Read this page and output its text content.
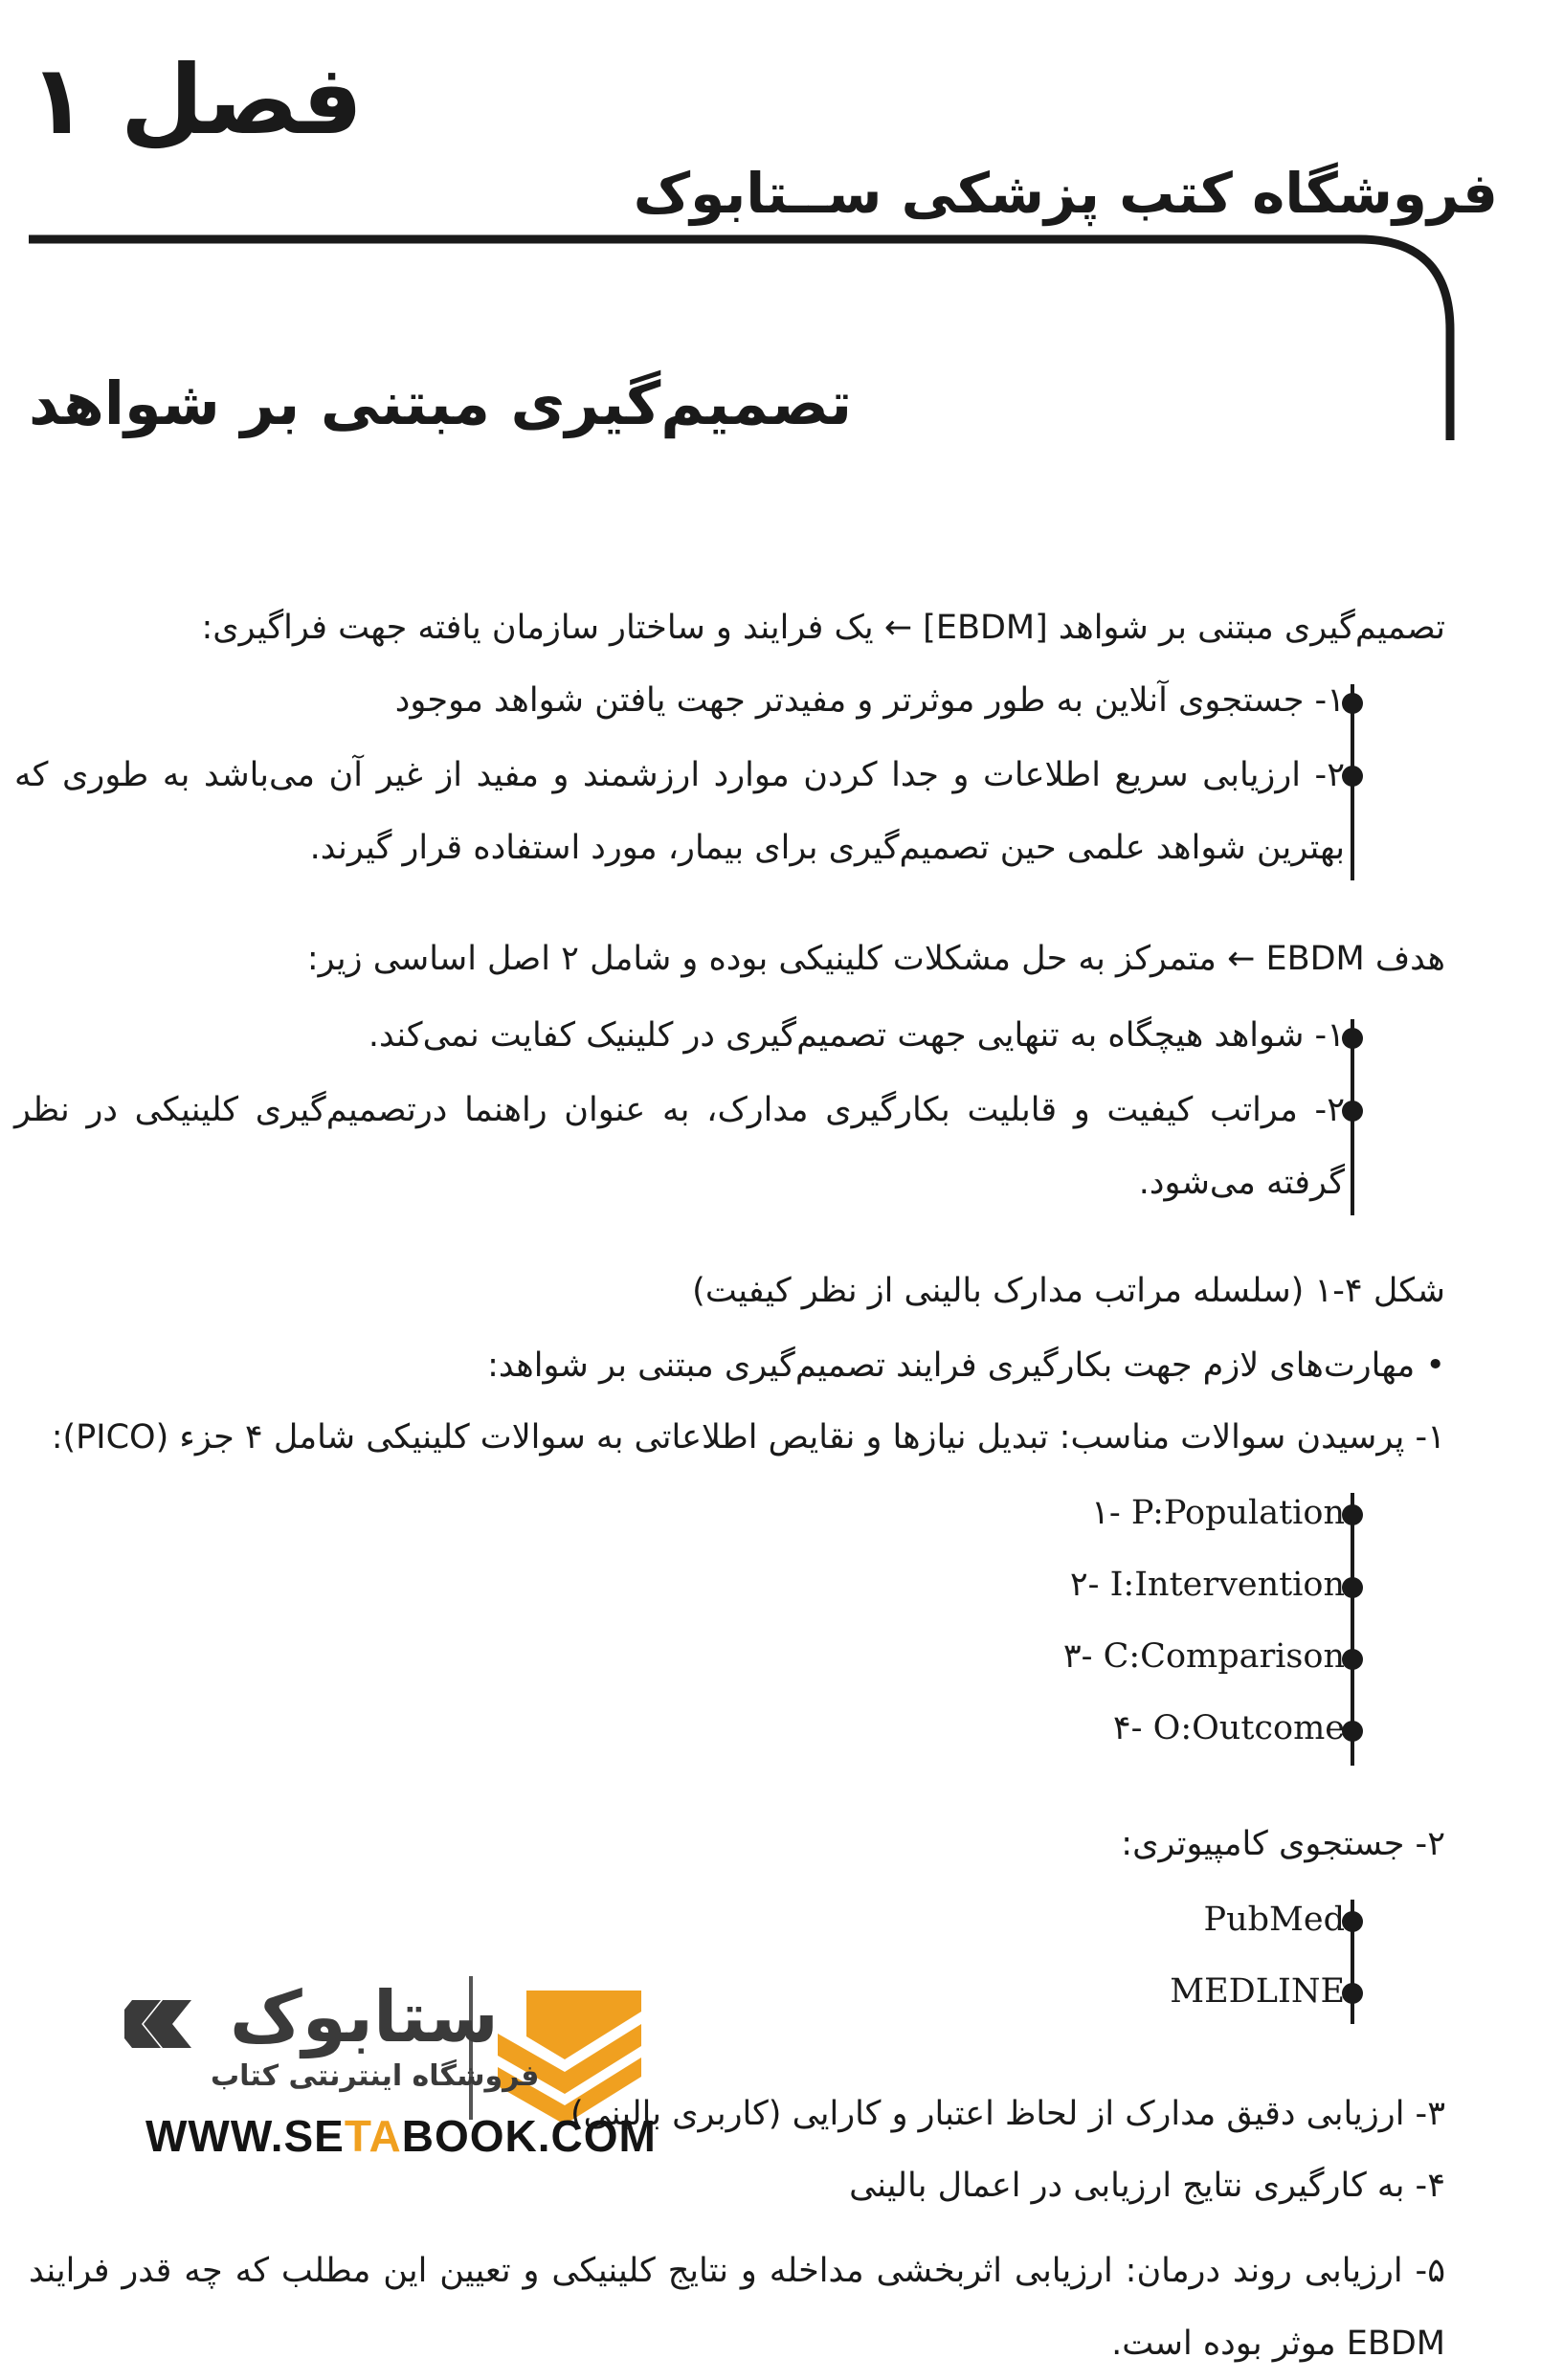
فصل ۱
فروشگاه کتب پزشکی ســتابوک
تصمیم‌گیری مبتنی بر شواهد
تصمیم‌گیری مبتنی بر شواهد [EBDM] ← یک فرایند و ساختار سازمان یافته جهت فراگیری:
۱- جستجوی آنلاین به طور موثرتر و مفیدتر جهت یافتن شواهد موجود
۲- ارزیابی سریع اطلاعات و جدا کردن موارد ارزشمند و مفید از غیر آن می‌باشد به طوری که بهترین شواهد علمی حین تصمیم‌گیری برای بیمار، مورد استفاده قرار گیرند.
هدف EBDM ← متمرکز به حل مشکلات کلینیکی بوده و شامل ۲ اصل اساسی زیر:
۱- شواهد هیچگاه به تنهایی جهت تصمیم‌گیری در کلینیک کفایت نمی‌کند.
۲- مراتب کیفیت و قابلیت بکارگیری مدارک، به عنوان راهنما درتصمیم‌گیری کلینیکی در نظر گرفته می‌شود.
شکل ۴-۱ (سلسله مراتب مدارک بالینی از نظر کیفیت)
• مهارت‌های لازم جهت بکارگیری فرایند تصمیم‌گیری مبتنی بر شواهد:
۱- پرسیدن سوالات مناسب: تبدیل نیازها و نقایص اطلاعاتی به سوالات کلینیکی شامل ۴ جزء (PICO):
۱- P:Population
۲- I:Intervention
۳- C:Comparison
۴- O:Outcome
۲- جستجوی کامپیوتری:
PubMed
MEDLINE
ستابوک
فروشگاه اینترنتی کتاب
۳- ارزیابی دقیق مدارک از لحاظ اعتبار و کارایی (کاربری بالینی)
WWW.SETABOOK.COM
۴- به کارگیری نتایج ارزیابی در اعمال بالینی
۵- ارزیابی روند درمان: ارزیابی اثربخشی مداخله و نتایج کلینیکی و تعیین این مطلب که چه قدر فرایند EBDM موثر بوده است.
